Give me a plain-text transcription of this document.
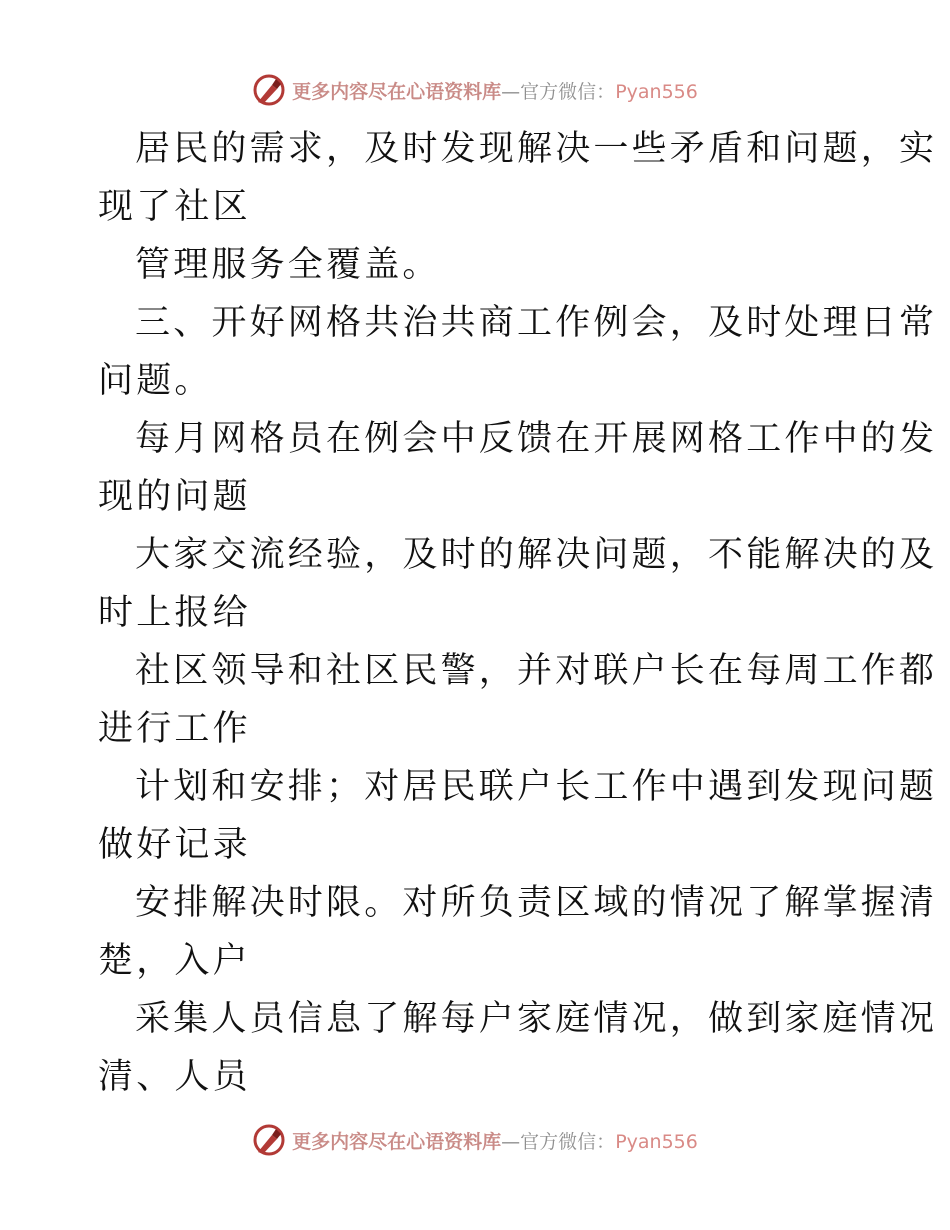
更多内容尽在心语资料库—官方微信：Pyan556
居民的需求，及时发现解决一些矛盾和问题，实
现了社区
管理服务全覆盖。
三、开好网格共治共商工作例会，及时处理日常
问题。
每月网格员在例会中反馈在开展网格工作中的发
现的问题
大家交流经验，及时的解决问题，不能解决的及
时上报给
社区领导和社区民警，并对联户长在每周工作都
进行工作
计划和安排；对居民联户长工作中遇到发现问题
做好记录
安排解决时限。对所负责区域的情况了解掌握清
楚，入户
采集人员信息了解每户家庭情况，做到家庭情况
清、人员
更多内容尽在心语资料库—官方微信：Pyan556
